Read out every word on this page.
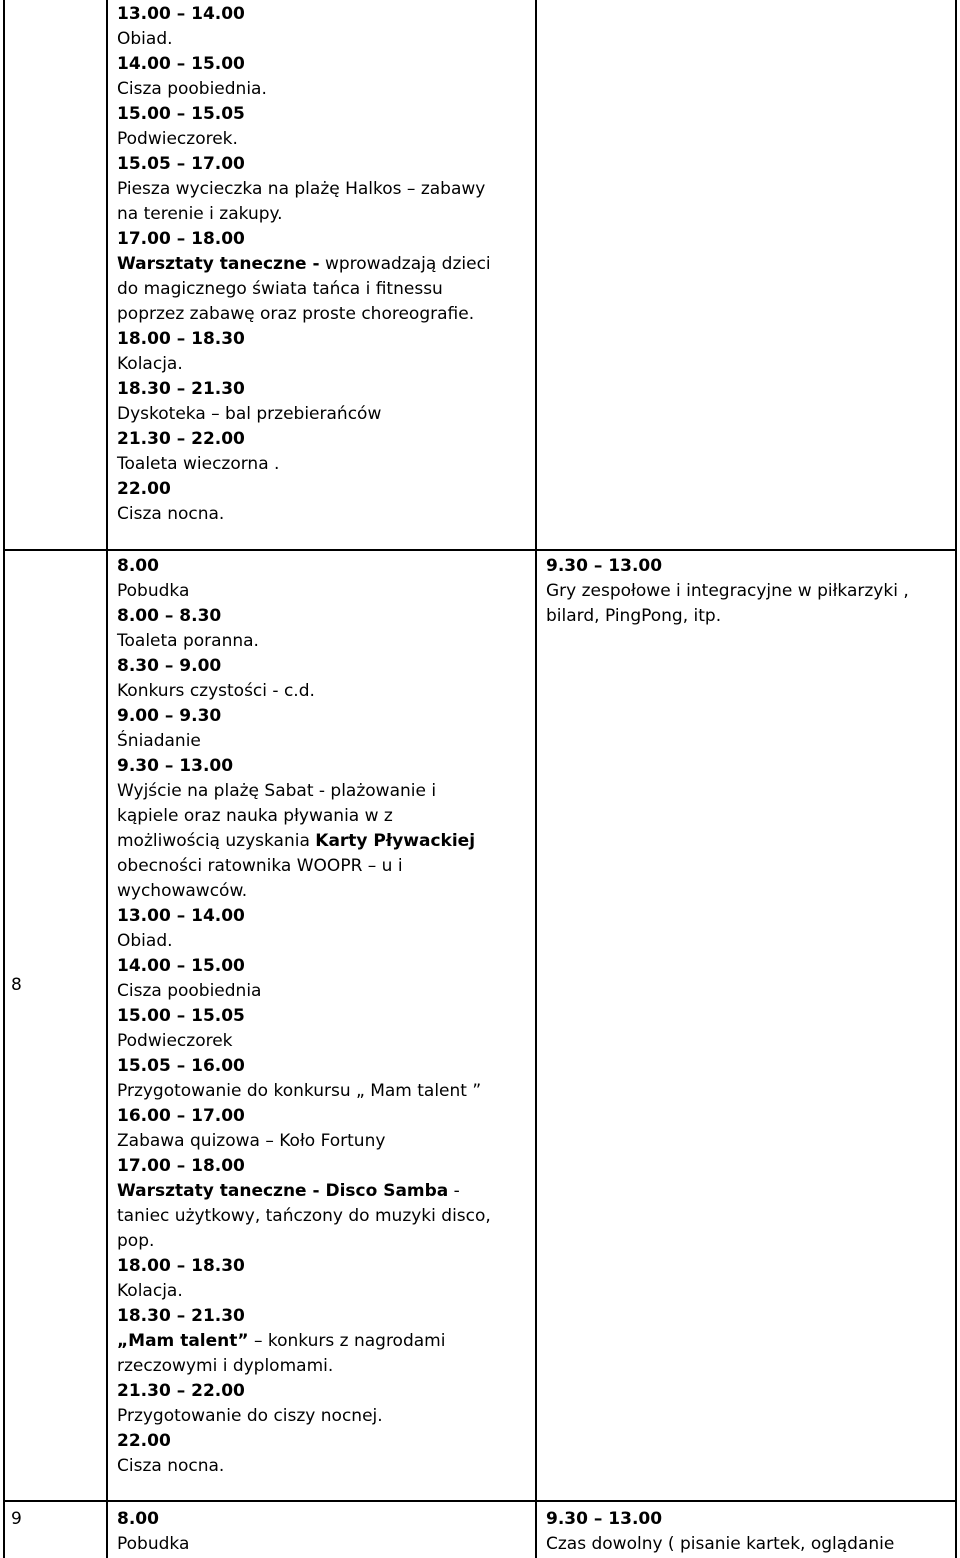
8
9
13.00 – 14.00
Obiad.
14.00 – 15.00
Cisza poobiednia.
15.00 – 15.05
Podwieczorek.
15.05 – 17.00
Piesza wycieczka na plażę Halkos – zabawy
na terenie i zakupy.
17.00 – 18.00
Warsztaty taneczne - wprowadzają dzieci
do magicznego świata tańca i fitnessu
poprzez zabawę oraz proste choreografie.
18.00 – 18.30
Kolacja.
18.30 – 21.30
Dyskoteka – bal przebierańców
21.30 – 22.00
Toaleta wieczorna .
22.00
Cisza nocna.
8.00
Pobudka
8.00 – 8.30
Toaleta poranna.
8.30 – 9.00
Konkurs czystości - c.d.
9.00 – 9.30
Śniadanie
9.30 – 13.00
Wyjście na plażę Sabat - plażowanie i
kąpiele oraz nauka pływania w z
możliwością uzyskania Karty Pływackiej
obecności ratownika WOOPR – u i
wychowawców.
13.00 – 14.00
Obiad.
14.00 – 15.00
Cisza poobiednia
15.00 – 15.05
Podwieczorek
15.05 – 16.00
Przygotowanie do konkursu „ Mam talent ”
16.00 – 17.00
Zabawa quizowa – Koło Fortuny
17.00 – 18.00
Warsztaty taneczne - Disco Samba -
taniec użytkowy, tańczony do muzyki disco,
pop.
18.00 – 18.30
Kolacja.
18.30 – 21.30
„Mam talent” – konkurs z nagrodami
rzeczowymi i dyplomami.
21.30 – 22.00
Przygotowanie do ciszy nocnej.
22.00
Cisza nocna.
9.30 – 13.00
Gry zespołowe i integracyjne w piłkarzyki ,
bilard, PingPong, itp.
8.00
Pobudka
9.30 – 13.00
Czas dowolny ( pisanie kartek, oglądanie
